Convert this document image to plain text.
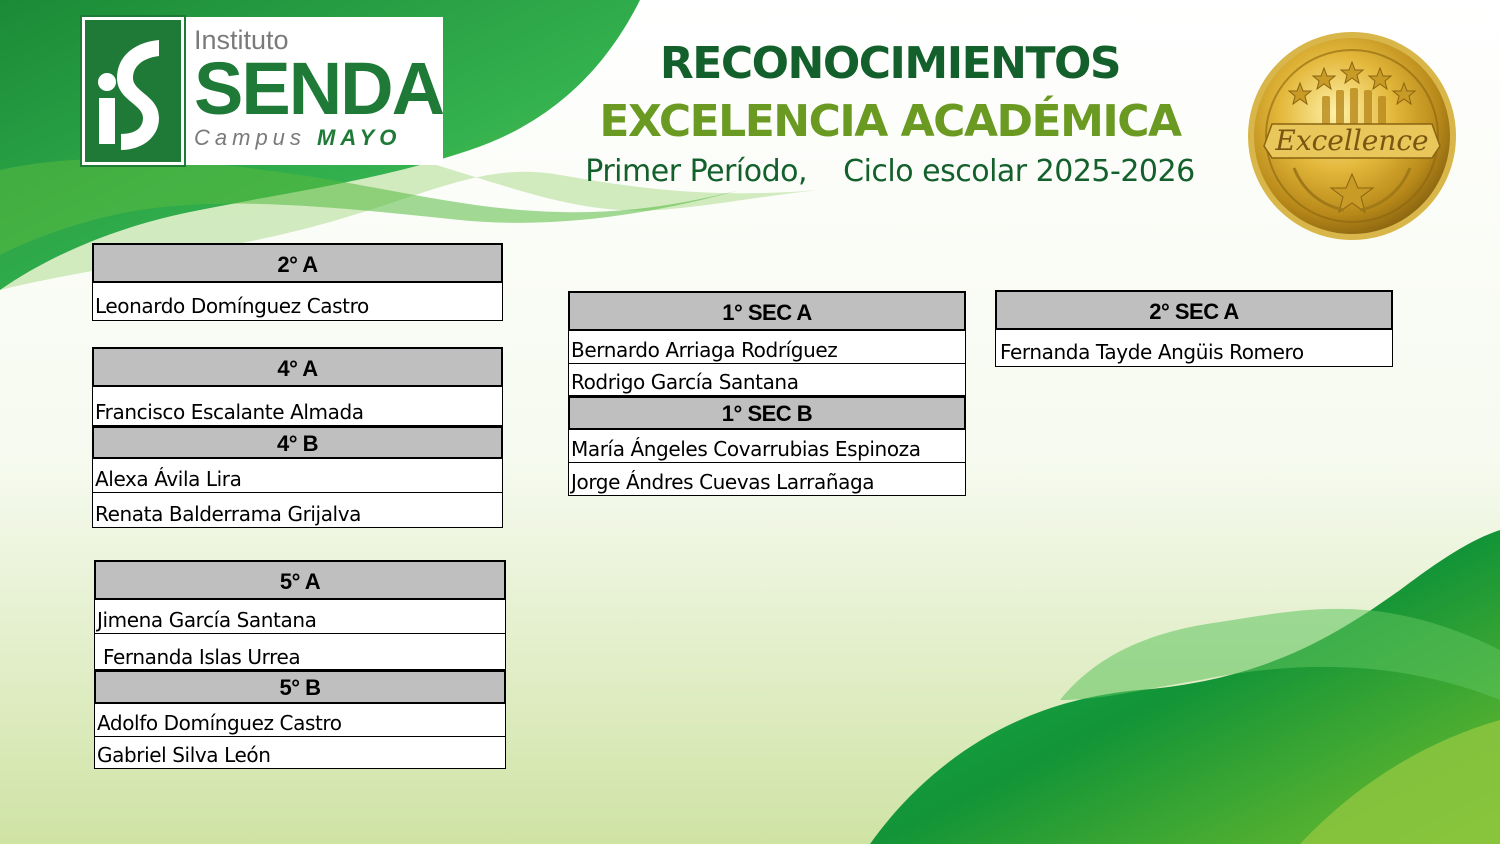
Instituto
SENDA
Campus MAYO
RECONOCIMIENTOS
EXCELENCIA ACADÉMICA
Primer Período,    Ciclo escolar 2025-2026
Excellence
2° A
Leonardo Domínguez Castro
4° A
Francisco Escalante Almada
4° B
Alexa Ávila Lira
Renata Balderrama Grijalva
5° A
Jimena García Santana
Fernanda Islas Urrea
5° B
Adolfo Domínguez Castro
Gabriel Silva León
1° SEC A
Bernardo Arriaga Rodríguez
Rodrigo García Santana
1° SEC B
María Ángeles Covarrubias Espinoza
Jorge Ándres Cuevas Larrañaga
2° SEC A
Fernanda Tayde Angüis Romero
